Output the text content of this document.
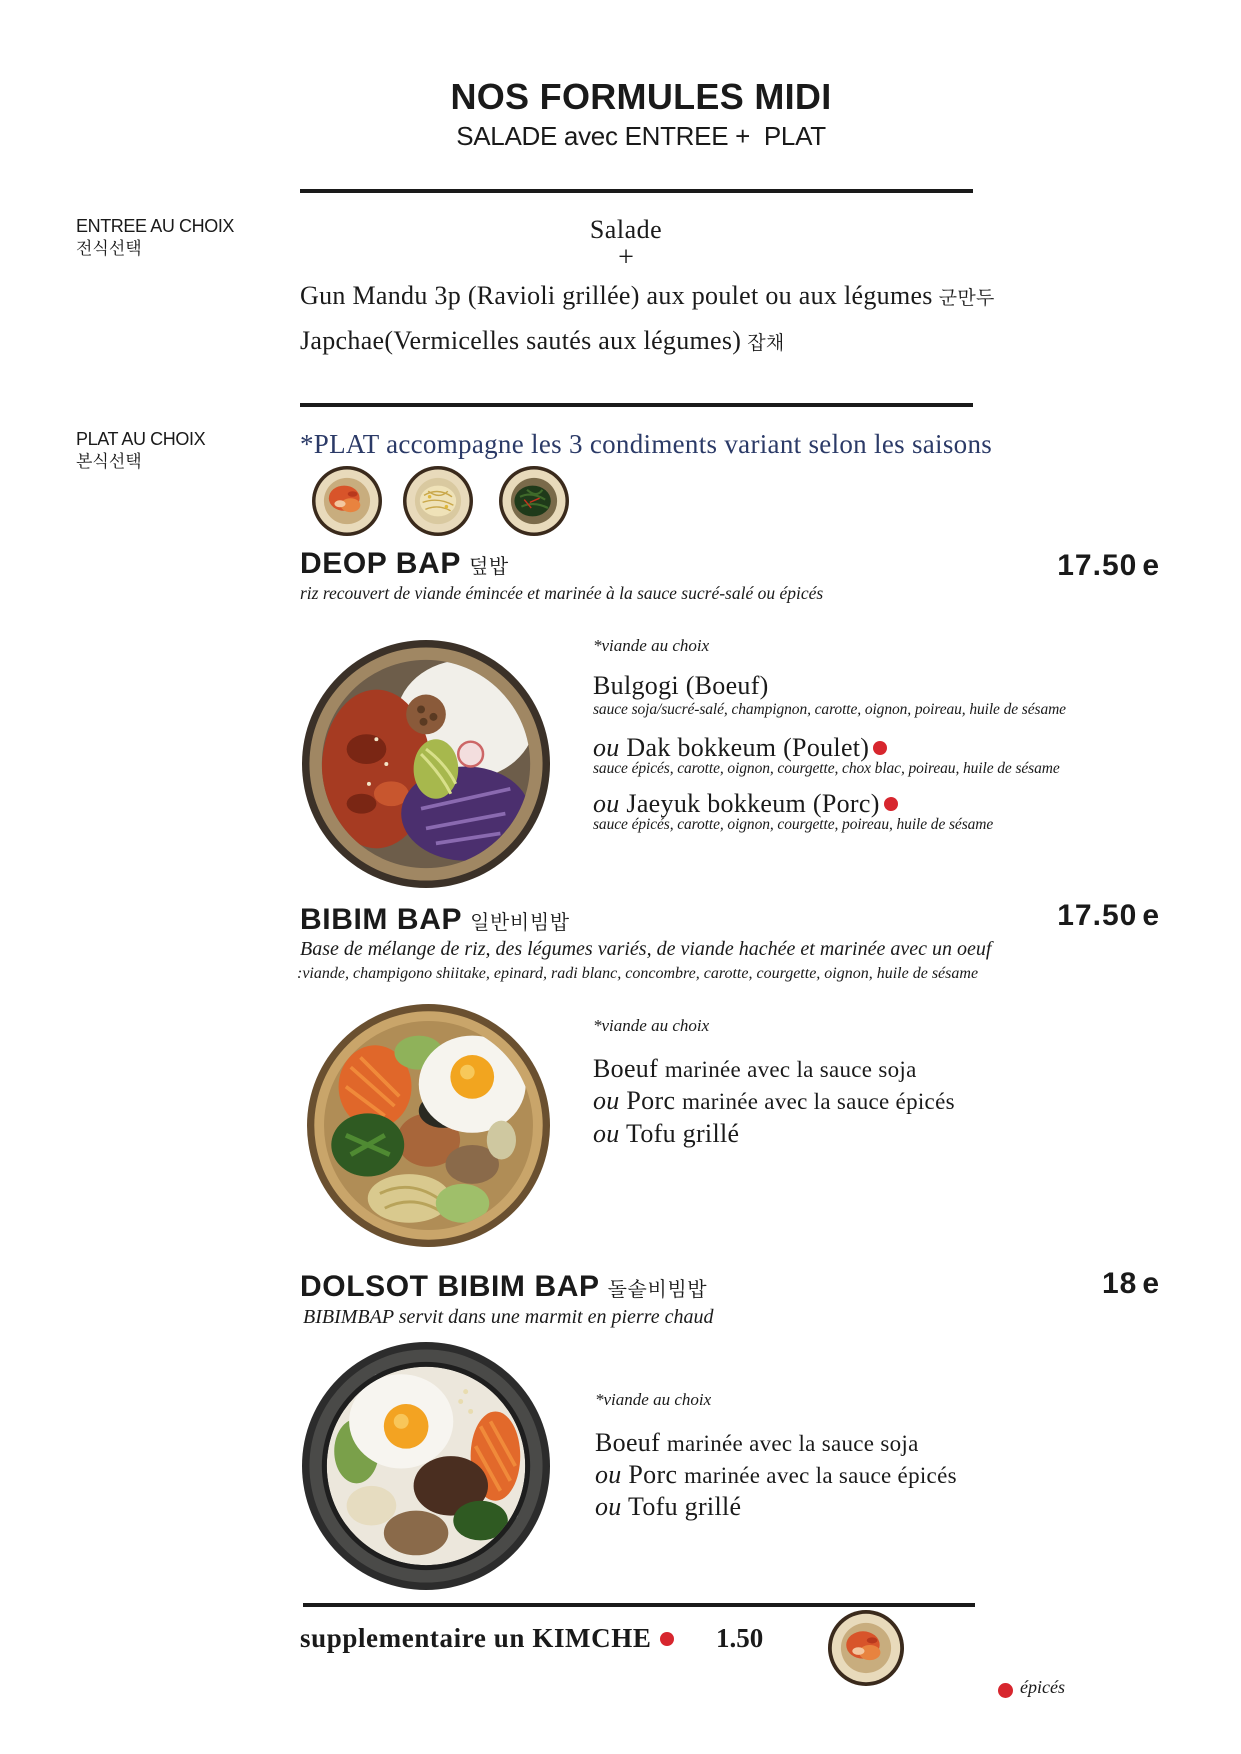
NOS FORMULES MIDI
SALADE avec ENTREE +  PLAT
ENTREE AU CHOIX
전식선택
Salade
+
Gun Mandu 3p (Ravioli grillée) aux poulet ou aux légumes 군만두
Japchae(Vermicelles sautés aux légumes) 잡채
PLAT AU CHOIX
본식선택
*PLAT accompagne les 3 condiments variant selon les saisons
DEOP BAP 덮밥	17.50 e
riz recouvert de viande émincée et marinée à la sauce sucré-salé ou épicés
*viande au choix
Bulgogi (Boeuf)
sauce soja/sucré-salé, champignon, carotte, oignon, poireau, huile de sésame
ou Dak bokkeum (Poulet)
sauce épicés, carotte, oignon, courgette, chox blac, poireau, huile de sésame
ou Jaeyuk bokkeum (Porc)
sauce épicés, carotte, oignon, courgette, poireau, huile de sésame
BIBIM BAP 일반비빔밥	17.50 e
Base de mélange de riz, des légumes variés, de viande hachée et marinée avec un oeuf
:viande, champigono shiitake, epinard, radi blanc, concombre, carotte, courgette, oignon, huile de sésame
*viande au choix
Boeuf marinée avec la sauce soja
ou Porc marinée avec la sauce épicés
ou Tofu grillé
DOLSOT BIBIM BAP 돌솥비빔밥	18 e
BIBIMBAP servit dans une marmit en pierre chaud
*viande au choix
Boeuf marinée avec la sauce soja
ou Porc marinée avec la sauce épicés
ou Tofu grillé
supplementaire un KIMCHE	1.50
épicés
